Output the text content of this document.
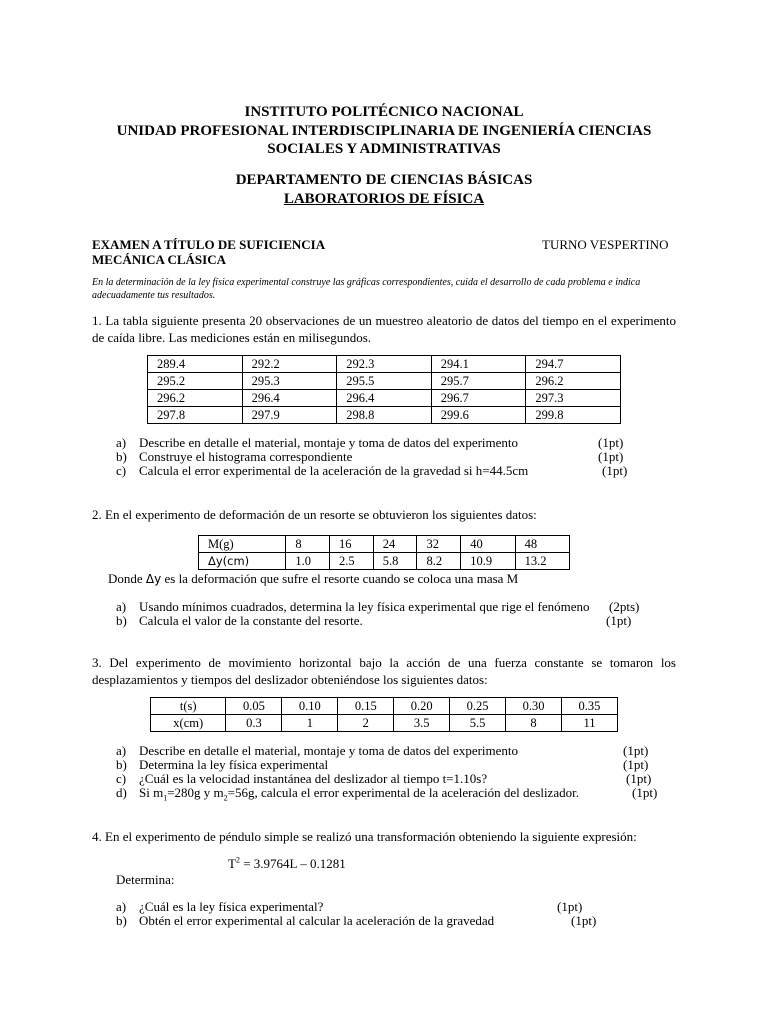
INSTITUTO POLITÉCNICO NACIONAL
UNIDAD PROFESIONAL INTERDISCIPLINARIA DE INGENIERÍA CIENCIAS
SOCIALES Y ADMINISTRATIVAS
DEPARTAMENTO DE CIENCIAS BÁSICAS
LABORATORIOS DE FÍSICA
EXAMEN A TÍTULO DE SUFICIENCIA	TURNO VESPERTINO
MECÁNICA CLÁSICA
En la determinación de la ley física experimental construye las gráficas correspondientes, cuida el desarrollo de cada problema e indica adecuadamente tus resultados.
1. La tabla siguiente presenta 20 observaciones de un muestreo aleatorio de datos del tiempo en el experimento de caída libre. Las mediciones están en milisegundos.
289.4	292.2	292.3	294.1	294.7
295.2	295.3	295.5	295.7	296.2
296.2	296.4	296.4	296.7	297.3
297.8	297.9	298.8	299.6	299.8
a) Describe en detalle el material, montaje y toma de datos del experimento	(1pt)
b) Construye el histograma correspondiente	(1pt)
c) Calcula el error experimental de la aceleración de la gravedad si h=44.5cm	(1pt)
2. En el experimento de deformación de un resorte se obtuvieron los siguientes datos:
M(g)	8	16	24	32	40	48
Δy(cm)	1.0	2.5	5.8	8.2	10.9	13.2
Donde Δy es la deformación que sufre el resorte cuando se coloca una masa M
a) Usando mínimos cuadrados, determina la ley física experimental que rige el fenómeno (2pts)
b) Calcula el valor de la constante del resorte.	(1pt)
3. Del experimento de movimiento horizontal bajo la acción de una fuerza constante se tomaron los desplazamientos y tiempos del deslizador obteniéndose los siguientes datos:
t(s)	0.05	0.10	0.15	0.20	0.25	0.30	0.35
x(cm)	0.3	1	2	3.5	5.5	8	11
a) Describe en detalle el material, montaje y toma de datos del experimento	(1pt)
b) Determina la ley física experimental	(1pt)
c) ¿Cuál es la velocidad instantánea del deslizador al tiempo t=1.10s?	(1pt)
d) Si $m_1=280g$ y $m_2=56g$, calcula el error experimental de la aceleración del deslizador.	(1pt)
4. En el experimento de péndulo simple se realizó una transformación obteniendo la siguiente expresión:
$T^2 = 3.9764L - 0.1281$
Determina:
a) ¿Cuál es la ley física experimental?	(1pt)
b) Obtén el error experimental al calcular la aceleración de la gravedad	(1pt)
